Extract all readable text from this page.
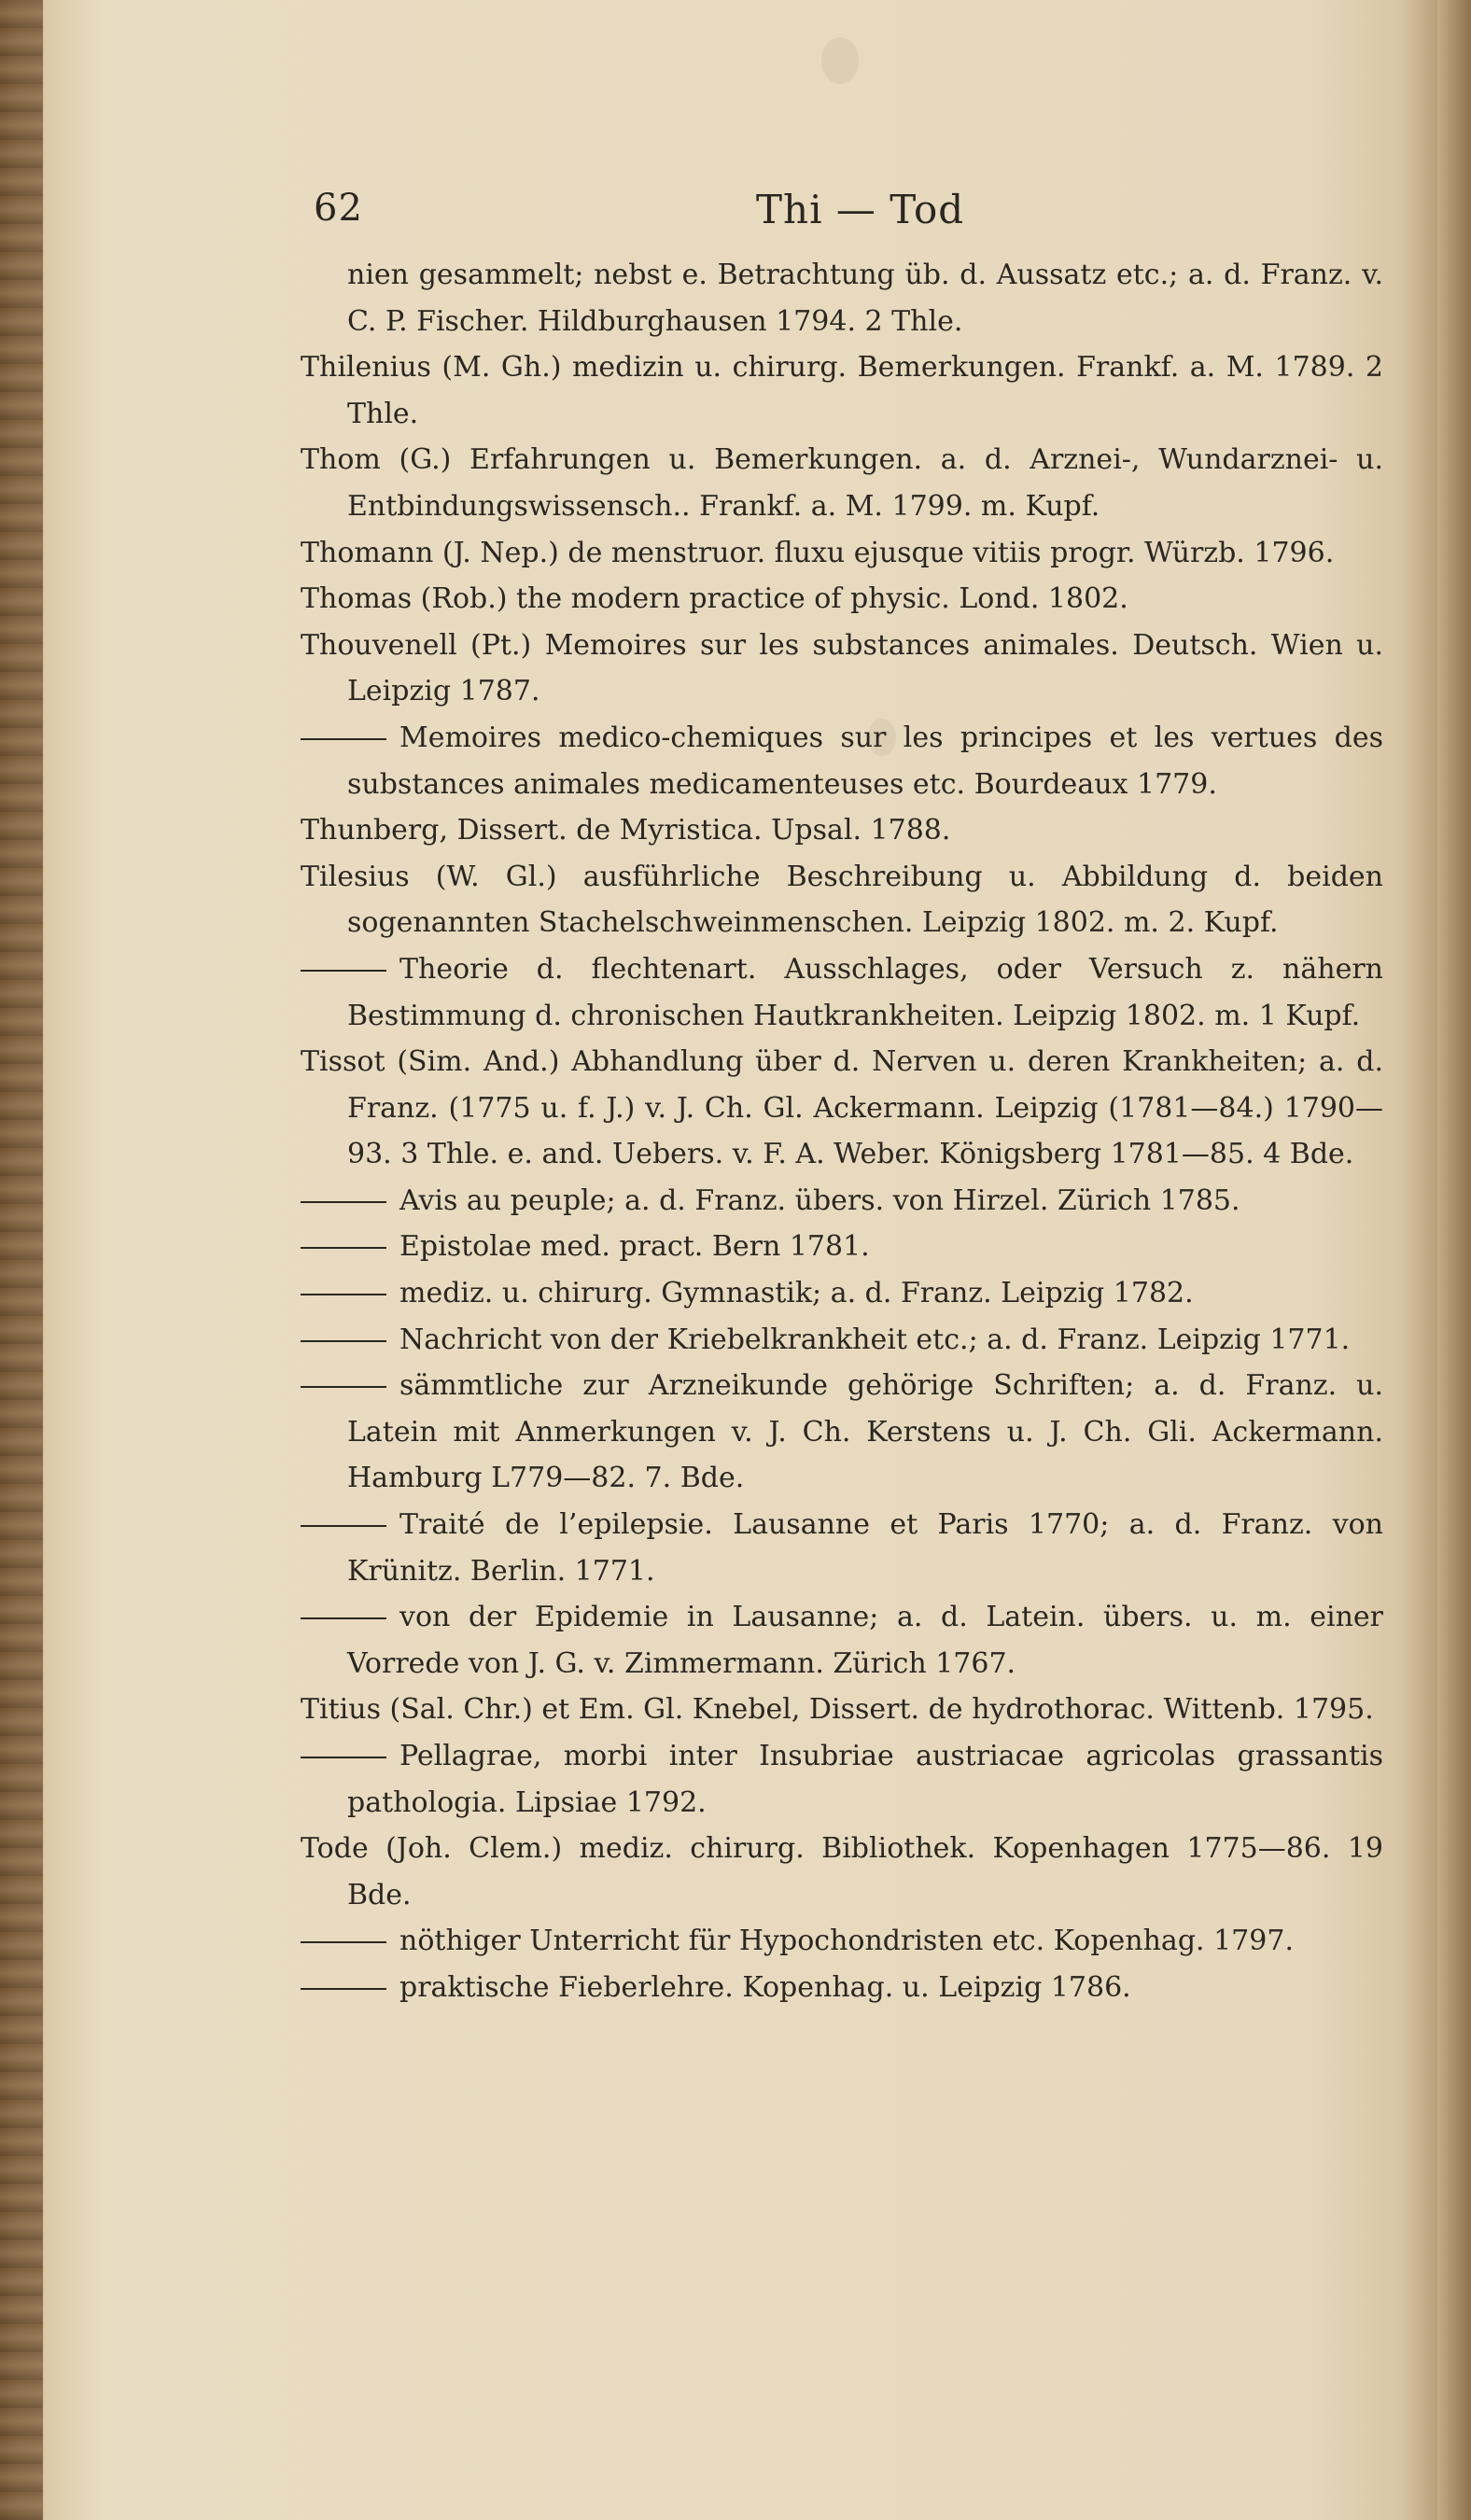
62	Thi — Tod
nien gesammelt; nebst e. Betrachtung üb. d. Aussatz etc.; a. d. Franz. v. C. P. Fischer. Hildburghausen 1794. 2 Thle.
Thilenius (M. Gh.) medizin u. chirurg. Bemerkungen. Frankf. a. M. 1789. 2 Thle.
Thom (G.) Erfahrungen u. Bemerkungen. a. d. Arznei-, Wundarznei- u. Entbindungswissensch.. Frankf. a. M. 1799. m. Kupf.
Thomann (J. Nep.) de menstruor. fluxu ejusque vitiis progr. Würzb. 1796.
Thomas (Rob.) the modern practice of physic. Lond. 1802.
Thouvenell (Pt.) Memoires sur les substances animales. Deutsch. Wien u. Leipzig 1787.
Memoires medico-chemiques sur les principes et les vertues des substances animales medicamenteuses etc. Bourdeaux 1779.
Thunberg, Dissert. de Myristica. Upsal. 1788.
Tilesius (W. Gl.) ausführliche Beschreibung u. Abbildung d. beiden sogenannten Stachelschweinmenschen. Leipzig 1802. m. 2. Kupf.
Theorie d. flechtenart. Ausschlages, oder Versuch z. nähern Bestimmung d. chronischen Hautkrankheiten. Leipzig 1802. m. 1 Kupf.
Tissot (Sim. And.) Abhandlung über d. Nerven u. deren Krankheiten; a. d. Franz. (1775 u. f. J.) v. J. Ch. Gl. Ackermann. Leipzig (1781—84.) 1790—93. 3 Thle. e. and. Uebers. v. F. A. Weber. Königsberg 1781—85. 4 Bde.
Avis au peuple; a. d. Franz. übers. von Hirzel. Zürich 1785.
Epistolae med. pract. Bern 1781.
mediz. u. chirurg. Gymnastik; a. d. Franz. Leipzig 1782.
Nachricht von der Kriebelkrankheit etc.; a. d. Franz. Leipzig 1771.
sämmtliche zur Arzneikunde gehörige Schriften; a. d. Franz. u. Latein mit Anmerkungen v. J. Ch. Kerstens u. J. Ch. Gli. Ackermann. Hamburg L779—82. 7. Bde.
Traité de l’epilepsie. Lausanne et Paris 1770; a. d. Franz. von Krünitz. Berlin. 1771.
von der Epidemie in Lausanne; a. d. Latein. übers. u. m. einer Vorrede von J. G. v. Zimmermann. Zürich 1767.
Titius (Sal. Chr.) et Em. Gl. Knebel, Dissert. de hydrothorac. Wittenb. 1795.
Pellagrae, morbi inter Insubriae austriacae agricolas grassantis pathologia. Lipsiae 1792.
Tode (Joh. Clem.) mediz. chirurg. Bibliothek. Kopenhagen 1775—86. 19 Bde.
nöthiger Unterricht für Hypochondristen etc. Kopenhag. 1797.
praktische Fieberlehre. Kopenhag. u. Leipzig 1786.
